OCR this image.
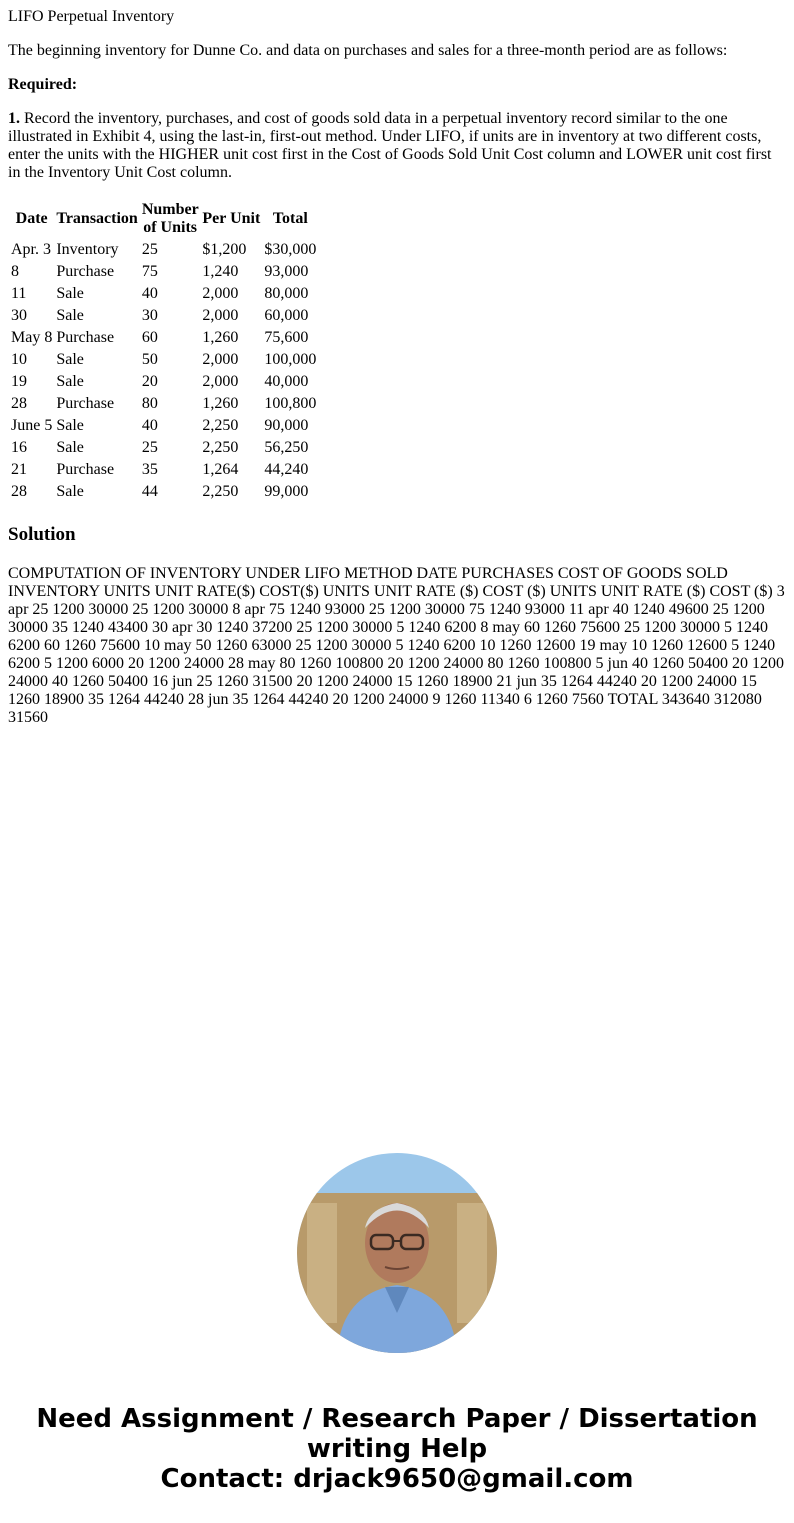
LIFO Perpetual Inventory

The beginning inventory for Dunne Co. and data on purchases and sales for a three-month period are as follows:

Required:

1. Record the inventory, purchases, and cost of goods sold data in a perpetual inventory record similar to the one illustrated in Exhibit 4, using the last-in, first-out method. Under LIFO, if units are in inventory at two different costs, enter the units with the HIGHER unit cost first in the Cost of Goods Sold Unit Cost column and LOWER unit cost first in the Inventory Unit Cost column.

Date	Transaction	Number of Units	Per Unit	Total
Apr. 3	Inventory	25	$1,200	$30,000
8	Purchase	75	1,240	93,000
11	Sale	40	2,000	80,000
30	Sale	30	2,000	60,000
May 8	Purchase	60	1,260	75,600
10	Sale	50	2,000	100,000
19	Sale	20	2,000	40,000
28	Purchase	80	1,260	100,800
June 5	Sale	40	2,250	90,000
16	Sale	25	2,250	56,250
21	Purchase	35	1,264	44,240
28	Sale	44	2,250	99,000
Solution
COMPUTATION OF INVENTORY UNDER LIFO METHOD DATE PURCHASES COST OF GOODS SOLD INVENTORY UNITS UNIT RATE($) COST($) UNITS UNIT RATE ($) COST ($) UNITS UNIT RATE ($) COST ($) 3 apr 25 1200 30000 25 1200 30000 8 apr 75 1240 93000 25 1200 30000 75 1240 93000 11 apr 40 1240 49600 25 1200 30000 35 1240 43400 30 apr 30 1240 37200 25 1200 30000 5 1240 6200 8 may 60 1260 75600 25 1200 30000 5 1240 6200 60 1260 75600 10 may 50 1260 63000 25 1200 30000 5 1240 6200 10 1260 12600 19 may 10 1260 12600 5 1240 6200 5 1200 6000 20 1200 24000 28 may 80 1260 100800 20 1200 24000 80 1260 100800 5 jun 40 1260 50400 20 1200 24000 40 1260 50400 16 jun 25 1260 31500 20 1200 24000 15 1260 18900 21 jun 35 1264 44240 20 1200 24000 15 1260 18900 35 1264 44240 28 jun 35 1264 44240 20 1200 24000 9 1260 11340 6 1260 7560 TOTAL 343640 312080 31560
Need Assignment / Research Paper / Dissertation writing Help
Contact: drjack9650@gmail.com
